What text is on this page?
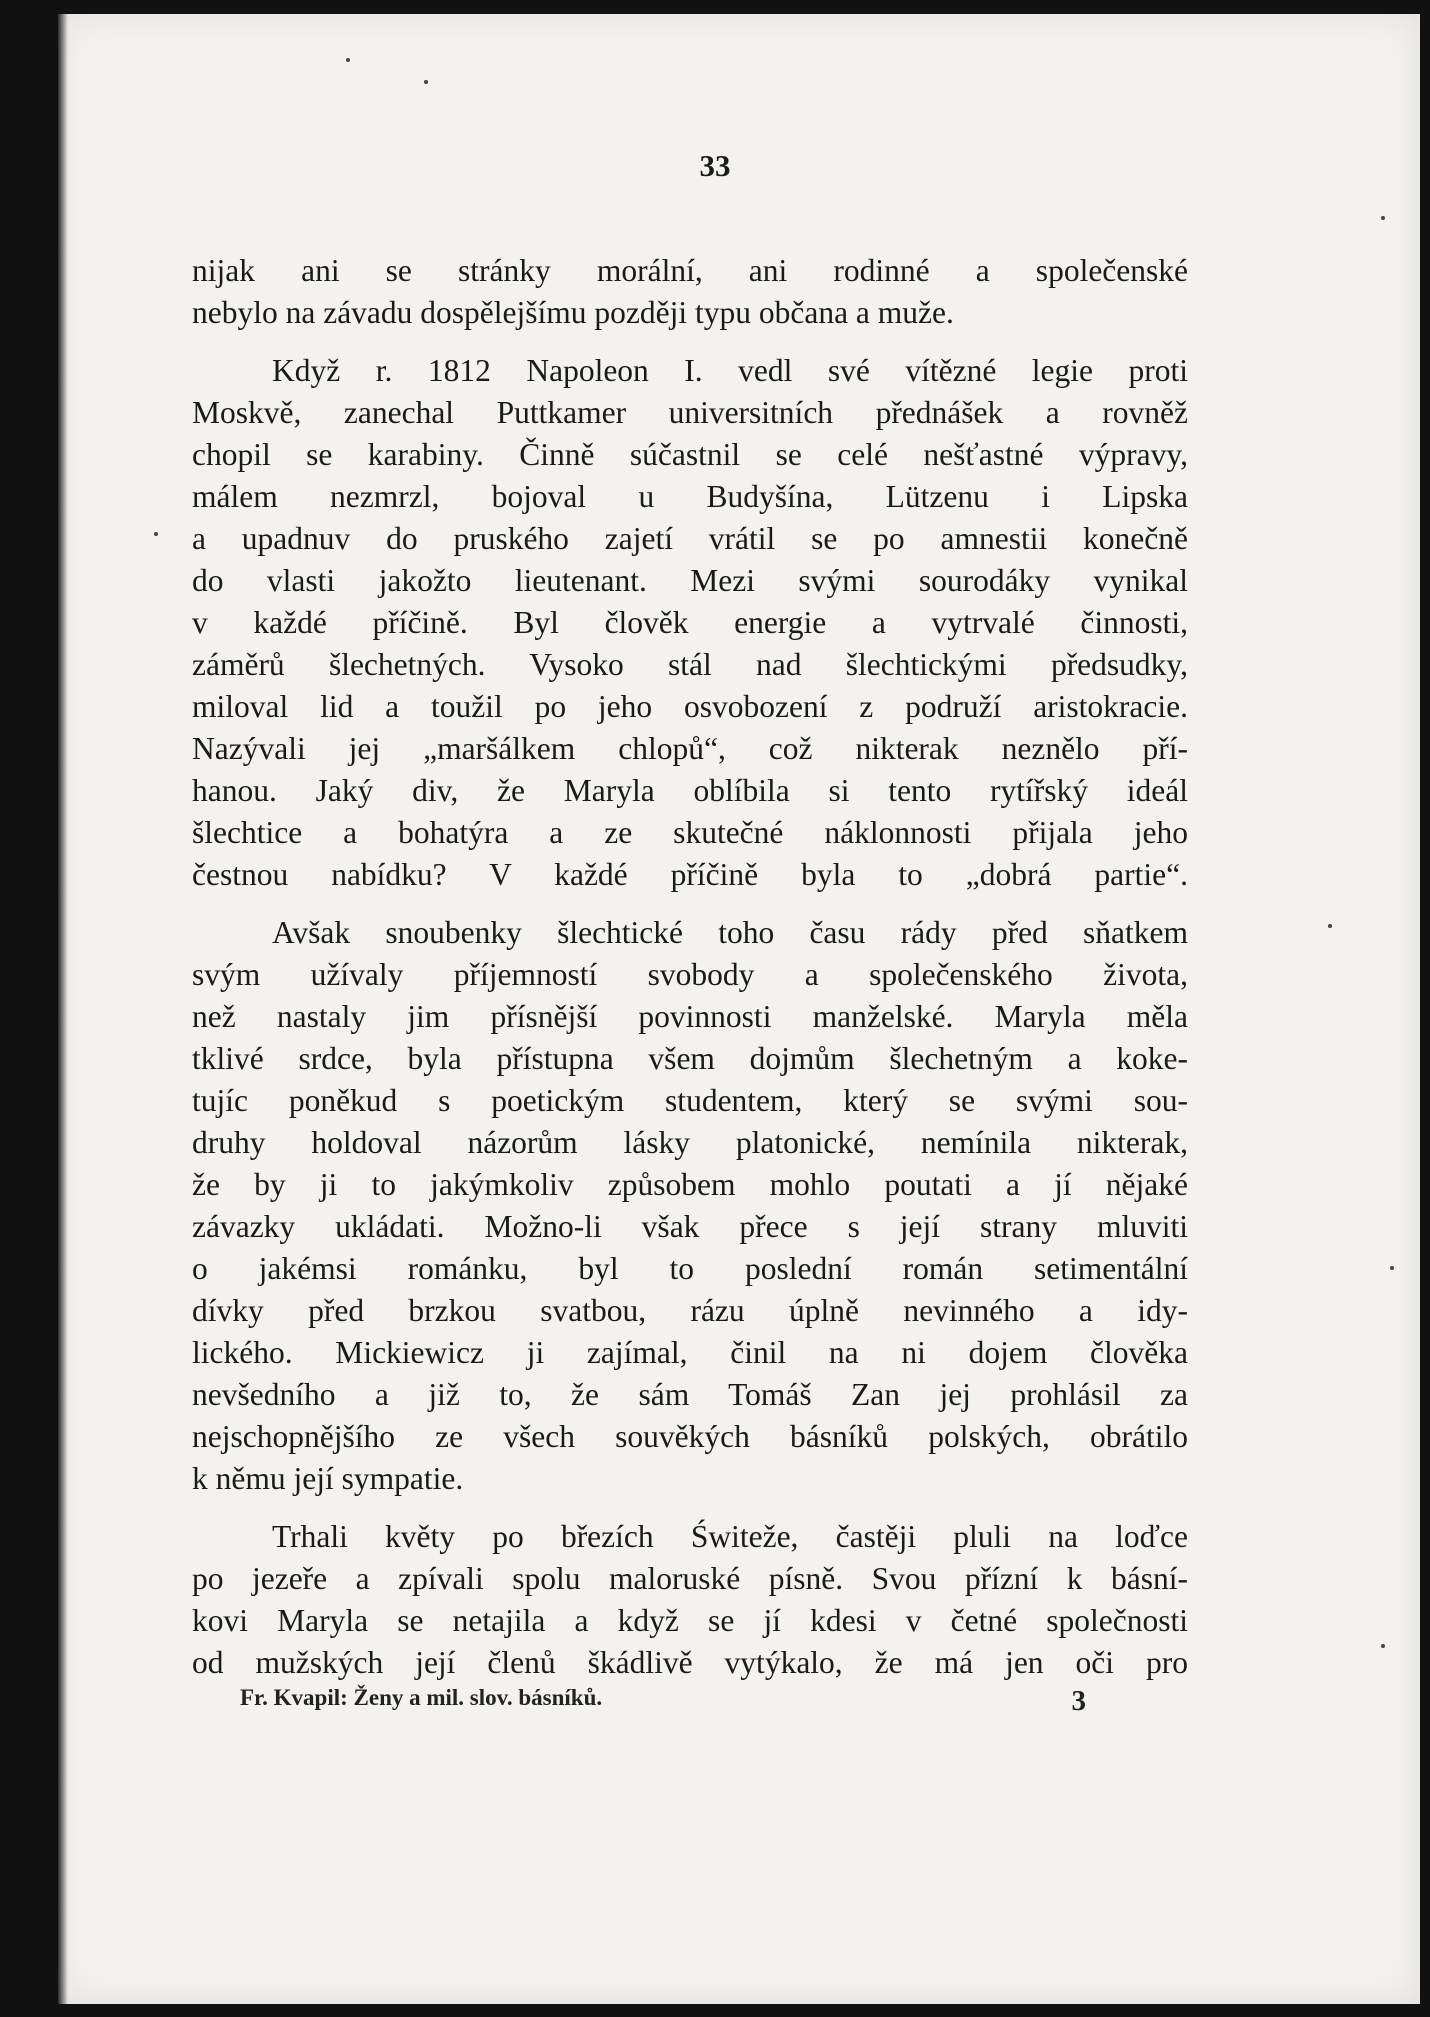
33

nijak ani se stránky morální, ani rodinné a společenské
nebylo na závadu dospělejšímu později typu občana a muže.

Když r. 1812 Napoleon I. vedl své vítězné legie proti
Moskvě, zanechal Puttkamer universitních přednášek a rovněž
chopil se karabiny. Činně súčastnil se celé nešťastné výpravy,
málem nezmrzl, bojoval u Budyšína, Lützenu i Lipska
a upadnuv do pruského zajetí vrátil se po amnestii konečně
do vlasti jakožto lieutenant. Mezi svými sourodáky vynikal
v každé příčině. Byl člověk energie a vytrvalé činnosti,
záměrů šlechetných. Vysoko stál nad šlechtickými předsudky,
miloval lid a toužil po jeho osvobození z podruží aristokracie.
Nazývali jej „maršálkem chlopů“, což nikterak neznělo pří-
hanou. Jaký div, že Maryla oblíbila si tento rytířský ideál
šlechtice a bohatýra a ze skutečné náklonnosti přijala jeho
čestnou nabídku? V každé příčině byla to „dobrá partie“.

Avšak snoubenky šlechtické toho času rády před sňatkem
svým užívaly příjemností svobody a společenského života,
než nastaly jim přísnější povinnosti manželské. Maryla měla
tklivé srdce, byla přístupna všem dojmům šlechetným a koke-
tujíc poněkud s poetickým studentem, který se svými sou-
druhy holdoval názorům lásky platonické, nemínila nikterak,
že by ji to jakýmkoliv způsobem mohlo poutati a jí nějaké
závazky ukládati. Možno-li však přece s její strany mluviti
o jakémsi románku, byl to poslední román setimentální
dívky před brzkou svatbou, rázu úplně nevinného a idy-
lického. Mickiewicz ji zajímal, činil na ni dojem člověka
nevšedního a již to, že sám Tomáš Zan jej prohlásil za
nejschopnějšího ze všech souvěkých básníků polských, obrátilo
k němu její sympatie.

Trhali květy po březích Świteže, častěji pluli na loďce
po jezeře a zpívali spolu maloruské písně. Svou přízní k básní-
kovi Maryla se netajila a když se jí kdesi v četné společnosti
od mužských její členů škádlivě vytýkalo, že má jen oči pro

Fr. Kvapil: Ženy a mil. slov. básníků.	3
